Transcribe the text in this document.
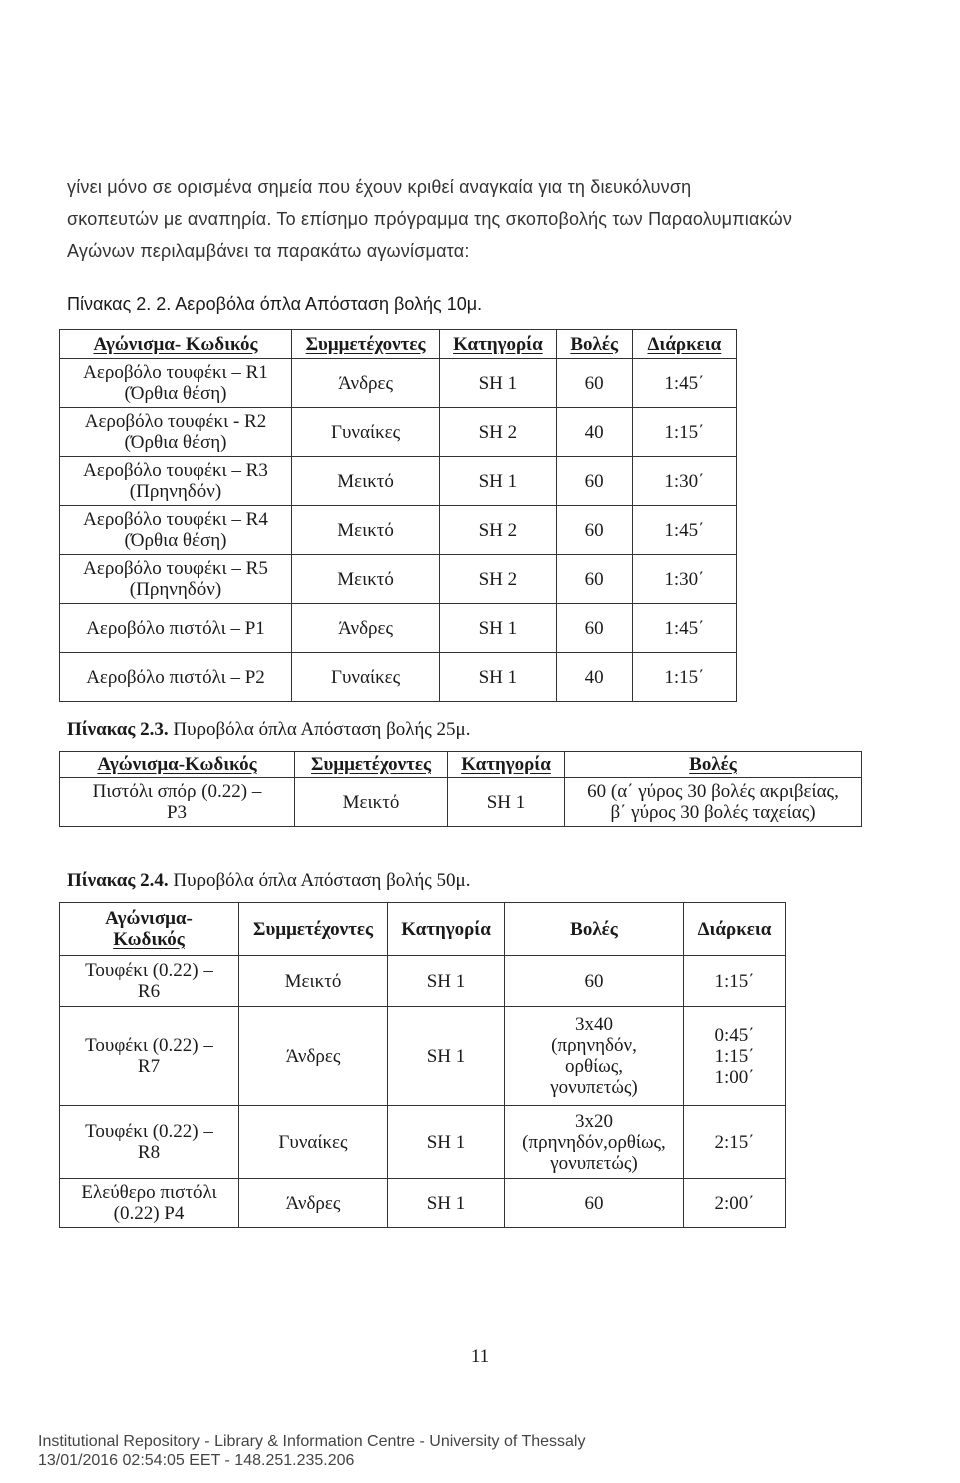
γίνει μόνο σε ορισμένα σημεία που έχουν κριθεί αναγκαία για τη διευκόλυνση
σκοπευτών με αναπηρία. Το επίσημο πρόγραμμα της σκοποβολής των Παραολυμπιακών
Αγώνων περιλαμβάνει τα παρακάτω αγωνίσματα:
Πίνακας 2. 2. Αεροβόλα όπλα Απόσταση βολής 10μ.
Αγώνισμα- Κωδικός	Συμμετέχοντες	Κατηγορία	Βολές	Διάρκεια

Αεροβόλο τουφέκι – R1
(Όρθια θέση)	Άνδρες	SH 1	60	1:45΄

Αεροβόλο τουφέκι - R2
(Όρθια θέση)	Γυναίκες	SH 2	40	1:15΄

Αεροβόλο τουφέκι – R3
(Πρηνηδόν)	Μεικτό	SH 1	60	1:30΄

Αεροβόλο τουφέκι – R4
(Όρθια θέση)	Μεικτό	SH 2	60	1:45΄

Αεροβόλο τουφέκι – R5
(Πρηνηδόν)	Μεικτό	SH 2	60	1:30΄
Αεροβόλο πιστόλι – P1	Άνδρες	SH 1	60	1:45΄
Αεροβόλο πιστόλι – P2	Γυναίκες	SH 1	40	1:15΄
Πίνακας 2.3. Πυροβόλα όπλα Απόσταση βολής 25μ.
Αγώνισμα-Κωδικός	Συμμετέχοντες	Κατηγορία	Βολές

Πιστόλι σπόρ (0.22) –
P3	Μεικτό	SH 1	60 (α΄ γύρος 30 βολές ακριβείας,
β΄ γύρος 30 βολές ταχείας)
Πίνακας 2.4. Πυροβόλα όπλα Απόσταση βολής 50μ.
Αγώνισμα-
Κωδικός	Συμμετέχοντες	Κατηγορία	Βολές	Διάρκεια

Τουφέκι (0.22) –
R6	Μεικτό	SH 1	60	1:15΄

Τουφέκι (0.22) –
R7	Άνδρες	SH 1	3x40
(πρηνηδόν,
ορθίως,
γονυπετώς)	0:45΄
1:15΄
1:00΄

Τουφέκι (0.22) –
R8	Γυναίκες	SH 1	3x20
(πρηνηδόν,ορθίως,
γονυπετώς)	2:15΄

Ελεύθερο πιστόλι
(0.22) P4	Άνδρες	SH 1	60	2:00΄
11
Institutional Repository - Library & Information Centre - University of Thessaly
13/01/2016 02:54:05 EET - 148.251.235.206
